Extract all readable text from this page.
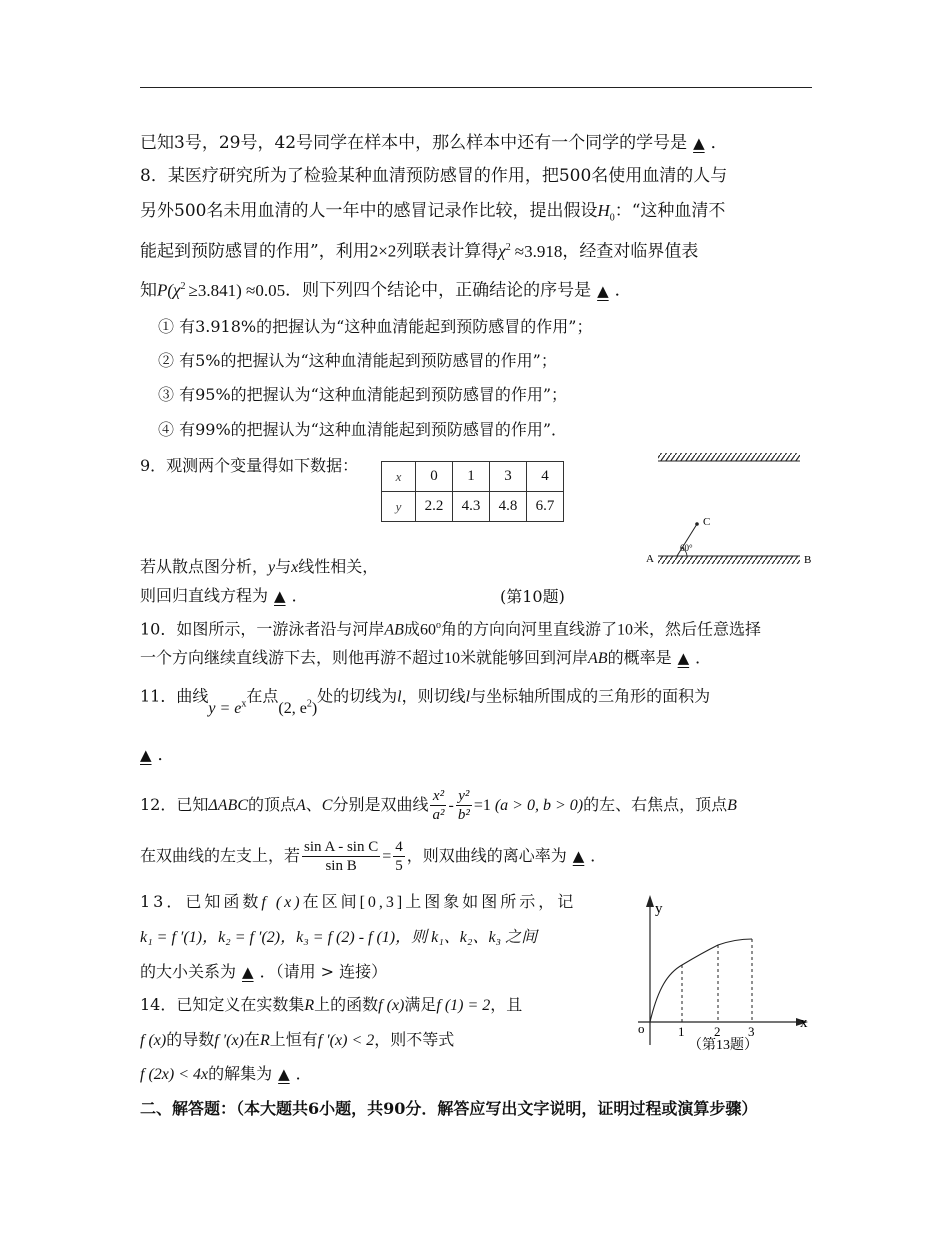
已知3号，29号，42号同学在样本中，那么样本中还有一个同学的学号是 ▲ ．
8．某医疗研究所为了检验某种血清预防感冒的作用，把500名使用血清的人与
另外500名未用血清的人一年中的感冒记录作比较，提出假设$H_0$：“这种血清不
能起到预防感冒的作用”，利用2×2列联表计算得$\chi^2 \approx 3.918$，经查对临界值表
知$P(\chi^2 \ge 3.841) \approx 0.05$．则下列四个结论中，正确结论的序号是 ▲ ．
① 有3.918%的把握认为“这种血清能起到预防感冒的作用”；
② 有5%的把握认为“这种血清能起到预防感冒的作用”；
③ 有95%的把握认为“这种血清能起到预防感冒的作用”；
④ 有99%的把握认为“这种血清能起到预防感冒的作用”．
9．观测两个变量得如下数据：
x	0	1	3	4
y	2.2	4.3	4.8	6.7
若从散点图分析，y与x线性相关，
则回归直线方程为 ▲ ．	(第10题)
C
60°
A	B
10．如图所示，一游泳者沿与河岸AB成60$^o$角的方向向河里直线游了10米，然后任意选择
一个方向继续直线游下去，则他再游不超过10米就能够回到河岸AB的概率是 ▲ ．
11．曲线$y = e^x$在点(2, $e^2$)处的切线为l，则切线l与坐标轴所围成的三角形的面积为
▲ ．
12．已知ΔABC的顶点A、C分别是双曲线 $\frac{\text{x²}}{\text{a²}} - \frac{\text{y²}}{\text{b²}} =1$ (a > 0, b > 0)的左、右焦点，顶点B
在双曲线的左支上，若 $\frac{\text{sin A - sin C}}{\text{sin B}} = \frac{4}{5}$ ，则双曲线的离心率为 ▲ ．
13．已知函数f (x)在区间[0,3]上图象如图所示，记
k₁ = f ′(1)，k₂ = f ′(2)，k₃ = f (2) - f (1)，则 k₁、k₂、k₃ 之间
的大小关系为 ▲ ．（请用 > 连接）
y
x
o	1 2 3
（第13题）
14．已知定义在实数集R上的函数f (x)满足f (1) = 2，且
f (x)的导数f ′(x)在R上恒有f ′(x) < 2，则不等式
f (2x) < 4x的解集为 ▲ ．
二、解答题：（本大题共6小题，共90分．解答应写出文字说明，证明过程或演算步骤）
